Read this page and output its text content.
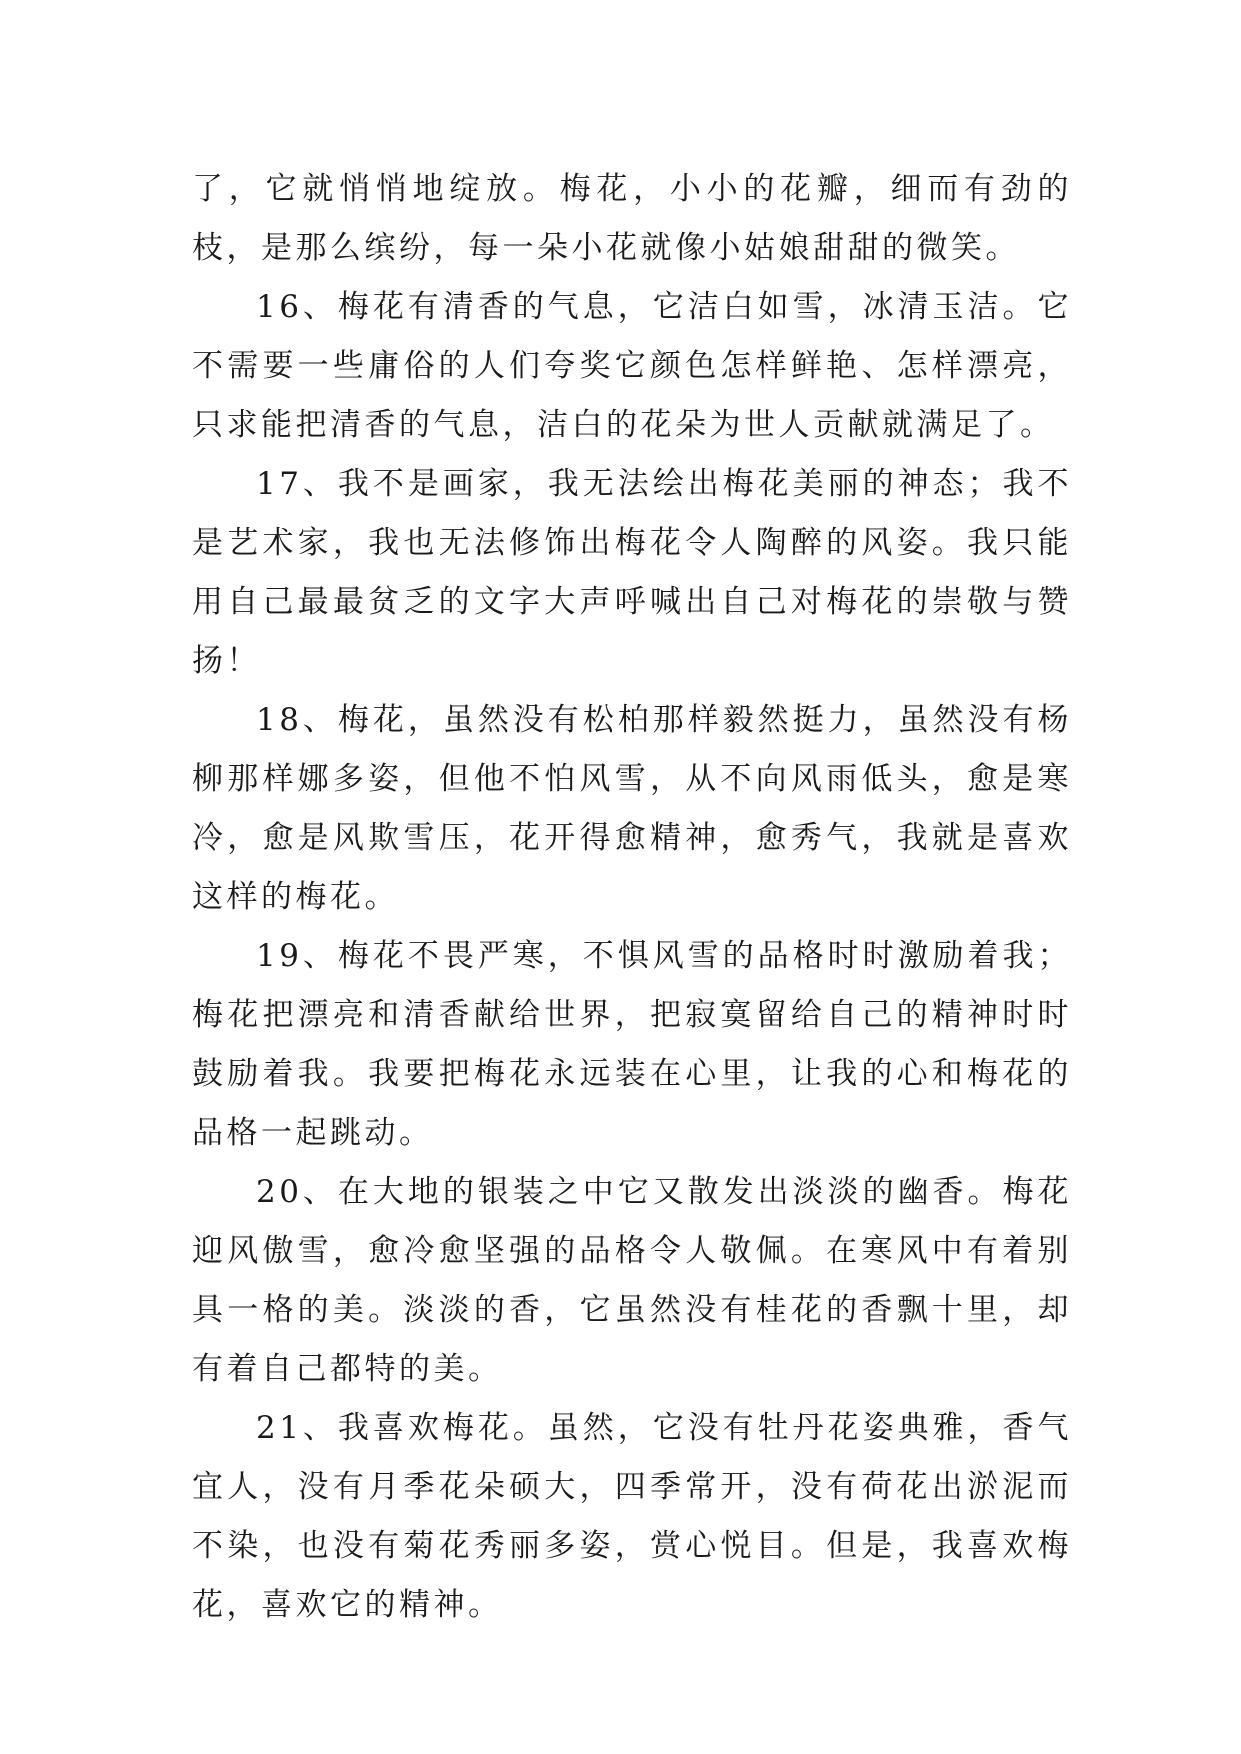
了，它就悄悄地绽放。梅花，小小的花瓣，细而有劲的枝，是那么缤纷，每一朵小花就像小姑娘甜甜的微笑。

16、梅花有清香的气息，它洁白如雪，冰清玉洁。它不需要一些庸俗的人们夸奖它颜色怎样鲜艳、怎样漂亮，只求能把清香的气息，洁白的花朵为世人贡献就满足了。

17、我不是画家，我无法绘出梅花美丽的神态；我不是艺术家，我也无法修饰出梅花令人陶醉的风姿。我只能用自己最最贫乏的文字大声呼喊出自己对梅花的崇敬与赞扬！

18、梅花，虽然没有松柏那样毅然挺力，虽然没有杨柳那样娜多姿，但他不怕风雪，从不向风雨低头，愈是寒冷，愈是风欺雪压，花开得愈精神，愈秀气，我就是喜欢这样的梅花。

19、梅花不畏严寒，不惧风雪的品格时时激励着我；梅花把漂亮和清香献给世界，把寂寞留给自己的精神时时鼓励着我。我要把梅花永远装在心里，让我的心和梅花的品格一起跳动。

20、在大地的银装之中它又散发出淡淡的幽香。梅花迎风傲雪，愈冷愈坚强的品格令人敬佩。在寒风中有着别具一格的美。淡淡的香，它虽然没有桂花的香飘十里，却有着自己都特的美。

21、我喜欢梅花。虽然，它没有牡丹花姿典雅，香气宜人，没有月季花朵硕大，四季常开，没有荷花出淤泥而不染，也没有菊花秀丽多姿，赏心悦目。但是，我喜欢梅花，喜欢它的精神。
